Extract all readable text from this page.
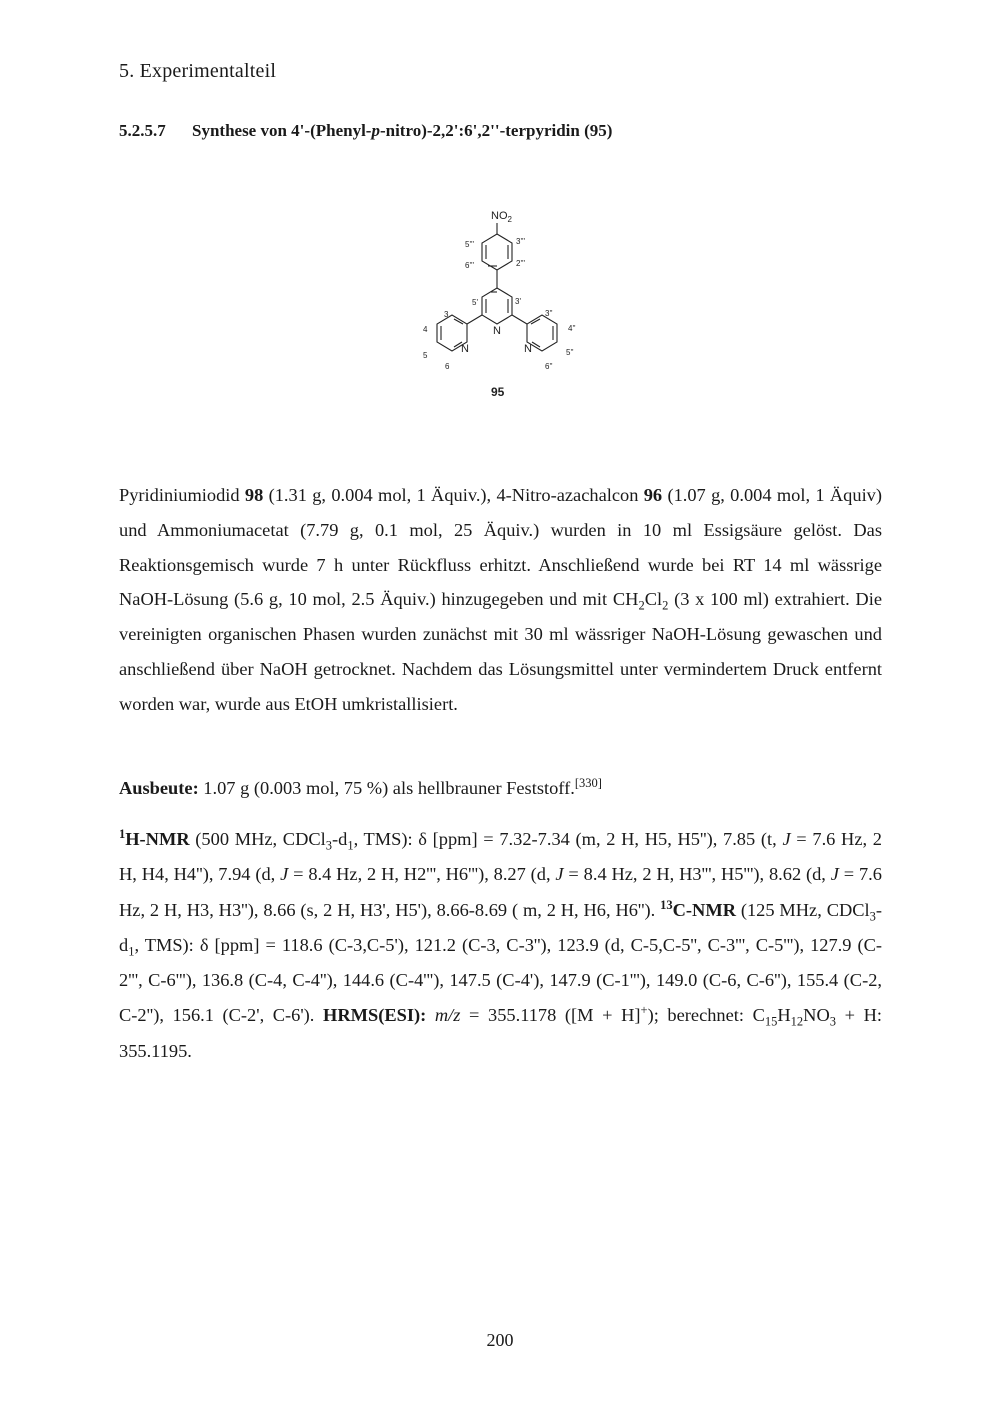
5. Experimentalteil
5.2.5.7 Synthese von 4'-(Phenyl-p-nitro)-2,2':6',2''-terpyridin (95)
$NO_2$
N
N	N
5'''	3'''
6'''	2'''
5'	3'
3
4
5
6
3''
4''
5''
6''
95

Pyridiniumiodid 98 (1.31 g, 0.004 mol, 1 Äquiv.), 4-Nitro-azachalcon 96 (1.07 g, 0.004 mol, 1 Äquiv) und Ammoniumacetat (7.79 g, 0.1 mol, 25 Äquiv.) wurden in 10 ml Essigsäure gelöst. Das Reaktionsgemisch wurde 7 h unter Rückfluss erhitzt. Anschließend wurde bei RT 14 ml wässrige NaOH-Lösung (5.6 g, 10 mol, 2.5 Äquiv.) hinzugegeben und mit $CH_2Cl_2$ (3 x 100 ml) extrahiert. Die vereinigten organischen Phasen wurden zunächst mit 30 ml wässriger NaOH-Lösung gewaschen und anschließend über NaOH getrocknet. Nachdem das Lösungsmittel unter vermindertem Druck entfernt worden war, wurde aus EtOH umkristallisiert.

Ausbeute: 1.07 g (0.003 mol, 75 %) als hellbrauner Feststoff.[330]

$^1$H-NMR (500 MHz, $CDCl_3-d_1$, TMS): δ [ppm] = 7.32-7.34 (m, 2 H, H5, H5''), 7.85 (t, J = 7.6 Hz, 2 H, H4, H4''), 7.94 (d, J = 8.4 Hz, 2 H, H2''', H6'''), 8.27 (d, J = 8.4 Hz, 2 H, H3''', H5'''), 8.62 (d, J = 7.6 Hz, 2 H, H3, H3''), 8.66 (s, 2 H, H3', H5'), 8.66-8.69 ( m, 2 H, H6, H6''). $^{13}$C-NMR (125 MHz, $CDCl_3-d_1$, TMS): δ [ppm] = 118.6 (C-3,C-5'), 121.2 (C-3, C-3''), 123.9 (d, C-5,C-5'', C-3''', C-5'''), 127.9 (C-2''', C-6'''), 136.8 (C-4, C-4''), 144.6 (C-4'''), 147.5 (C-4'), 147.9 (C-1'''), 149.0 (C-6, C-6''), 155.4 (C-2, C-2''), 156.1 (C-2', C-6'). HRMS(ESI): m/z = 355.1178 ([M + H]+); berechnet: $C_{15}H_{12}NO_3 + H$: 355.1195.

200
